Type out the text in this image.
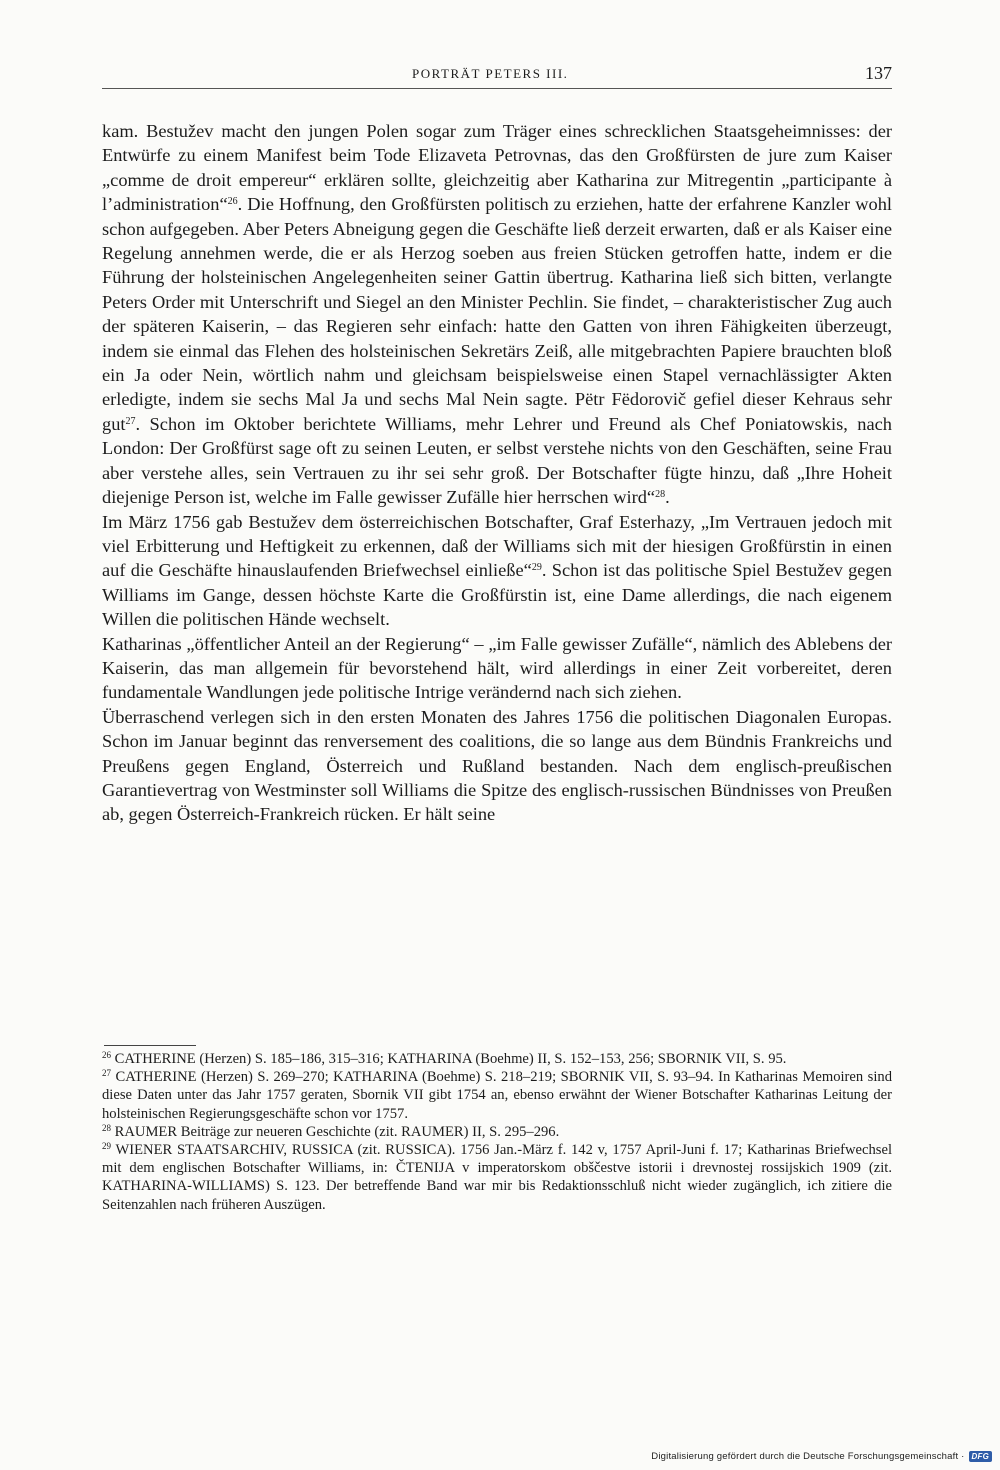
PORTRÄT PETERS III.	137

kam. Bestužev macht den jungen Polen sogar zum Träger eines schrecklichen Staatsgeheimnisses: der Entwürfe zu einem Manifest beim Tode Elizaveta Petrovnas, das den Großfürsten de jure zum Kaiser „comme de droit empereur“ erklären sollte, gleichzeitig aber Katharina zur Mitregentin „participante à l’administration“$^{26}$. Die Hoffnung, den Großfürsten politisch zu erziehen, hatte der erfahrene Kanzler wohl schon aufgegeben. Aber Peters Abneigung gegen die Geschäfte ließ derzeit erwarten, daß er als Kaiser eine Regelung annehmen werde, die er als Herzog soeben aus freien Stücken getroffen hatte, indem er die Führung der holsteinischen Angelegenheiten seiner Gattin übertrug. Katharina ließ sich bitten, verlangte Peters Order mit Unterschrift und Siegel an den Minister Pechlin. Sie findet, – charakteristischer Zug auch der späteren Kaiserin, – das Regieren sehr einfach: hatte den Gatten von ihren Fähigkeiten überzeugt, indem sie einmal das Flehen des holsteinischen Sekretärs Zeiß, alle mitgebrachten Papiere brauchten bloß ein Ja oder Nein, wörtlich nahm und gleichsam beispielsweise einen Stapel vernachlässigter Akten erledigte, indem sie sechs Mal Ja und sechs Mal Nein sagte. Pëtr Fëdorovič gefiel dieser Kehraus sehr gut$^{27}$. Schon im Oktober berichtete Williams, mehr Lehrer und Freund als Chef Poniatowskis, nach London: Der Großfürst sage oft zu seinen Leuten, er selbst verstehe nichts von den Geschäften, seine Frau aber verstehe alles, sein Vertrauen zu ihr sei sehr groß. Der Botschafter fügte hinzu, daß „Ihre Hoheit diejenige Person ist, welche im Falle gewisser Zufälle hier herrschen wird“$^{28}$.

Im März 1756 gab Bestužev dem österreichischen Botschafter, Graf Esterhazy, „Im Vertrauen jedoch mit viel Erbitterung und Heftigkeit zu erkennen, daß der Williams sich mit der hiesigen Großfürstin in einen auf die Geschäfte hinauslaufenden Briefwechsel einließe“$^{29}$. Schon ist das politische Spiel Bestužev gegen Williams im Gange, dessen höchste Karte die Großfürstin ist, eine Dame allerdings, die nach eigenem Willen die politischen Hände wechselt.

Katharinas „öffentlicher Anteil an der Regierung“ – „im Falle gewisser Zufälle“, nämlich des Ablebens der Kaiserin, das man allgemein für bevorstehend hält, wird allerdings in einer Zeit vorbereitet, deren fundamentale Wandlungen jede politische Intrige verändernd nach sich ziehen.

Überraschend verlegen sich in den ersten Monaten des Jahres 1756 die politischen Diagonalen Europas. Schon im Januar beginnt das renversement des coalitions, die so lange aus dem Bündnis Frankreichs und Preußens gegen England, Österreich und Rußland bestanden. Nach dem englisch-preußischen Garantievertrag von Westminster soll Williams die Spitze des englisch-russischen Bündnisses von Preußen ab, gegen Österreich-Frankreich rücken. Er hält seine

$^{26}$ CATHERINE (Herzen) S. 185–186, 315–316; KATHARINA (Boehme) II, S. 152–153, 256; SBORNIK VII, S. 95.

$^{27}$ CATHERINE (Herzen) S. 269–270; KATHARINA (Boehme) S. 218–219; SBORNIK VII, S. 93–94. In Katharinas Memoiren sind diese Daten unter das Jahr 1757 geraten, Sbornik VII gibt 1754 an, ebenso erwähnt der Wiener Botschafter Katharinas Leitung der holsteinischen Regierungsgeschäfte schon vor 1757.

$^{28}$ RAUMER Beiträge zur neueren Geschichte (zit. RAUMER) II, S. 295–296.

$^{29}$ WIENER STAATSARCHIV, RUSSICA (zit. RUSSICA). 1756 Jan.-März f. 142 v, 1757 April-Juni f. 17; Katharinas Briefwechsel mit dem englischen Botschafter Williams, in: ČTENIJA v imperatorskom obščestve istorii i drevnostej rossijskich 1909 (zit. KATHARINA-WILLIAMS) S. 123. Der betreffende Band war mir bis Redaktionsschluß nicht wieder zugänglich, ich zitiere die Seitenzahlen nach früheren Auszügen.

Digitalisierung gefördert durch die Deutsche Forschungsgemeinschaft · DFG
